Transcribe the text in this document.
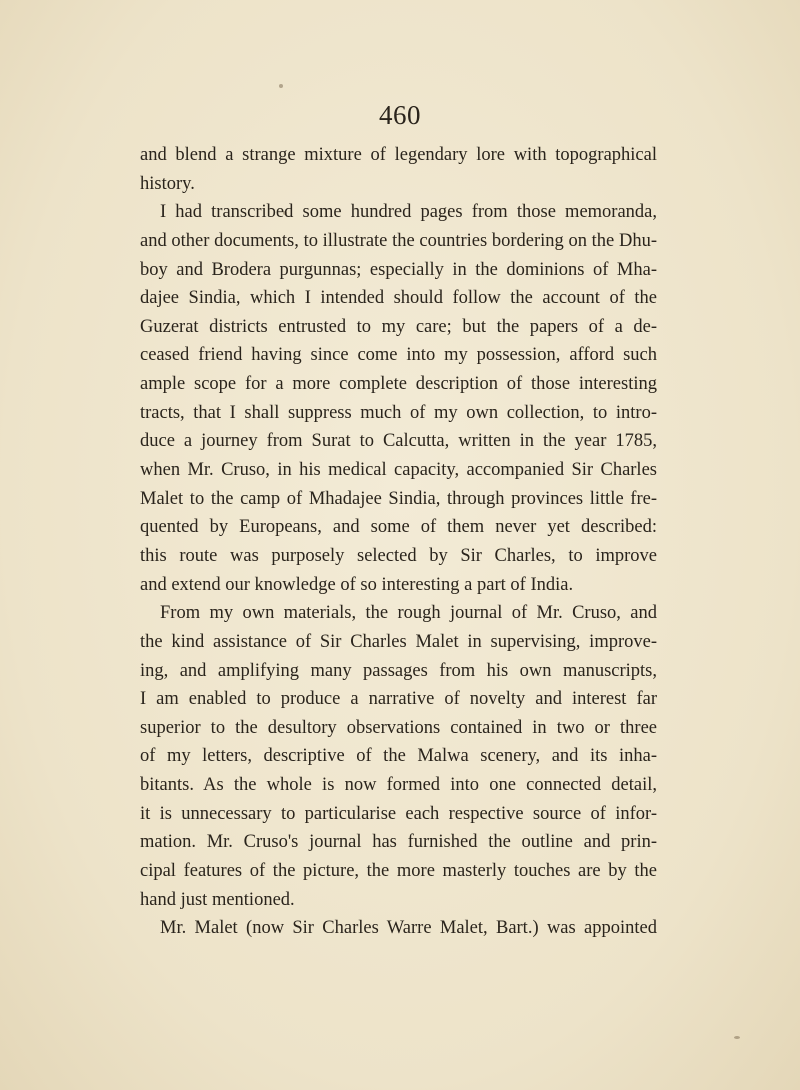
460
and blend a strange mixture of legendary lore with topographical
history.
I had transcribed some hundred pages from those memoranda,
and other documents, to illustrate the countries bordering on the Dhu-
boy and Brodera purgunnas; especially in the dominions of Mha-
dajee Sindia, which I intended should follow the account of the
Guzerat districts entrusted to my care; but the papers of a de-
ceased friend having since come into my possession, afford such
ample scope for a more complete description of those interesting
tracts, that I shall suppress much of my own collection, to intro-
duce a journey from Surat to Calcutta, written in the year 1785,
when Mr. Cruso, in his medical capacity, accompanied Sir Charles
Malet to the camp of Mhadajee Sindia, through provinces little fre-
quented by Europeans, and some of them never yet described:
this route was purposely selected by Sir Charles, to improve
and extend our knowledge of so interesting a part of India.
From my own materials, the rough journal of Mr. Cruso, and
the kind assistance of Sir Charles Malet in supervising, improve-
ing, and amplifying many passages from his own manuscripts,
I am enabled to produce a narrative of novelty and interest far
superior to the desultory observations contained in two or three
of my letters, descriptive of the Malwa scenery, and its inha-
bitants. As the whole is now formed into one connected detail,
it is unnecessary to particularise each respective source of infor-
mation. Mr. Cruso's journal has furnished the outline and prin-
cipal features of the picture, the more masterly touches are by the
hand just mentioned.
Mr. Malet (now Sir Charles Warre Malet, Bart.) was appointed
